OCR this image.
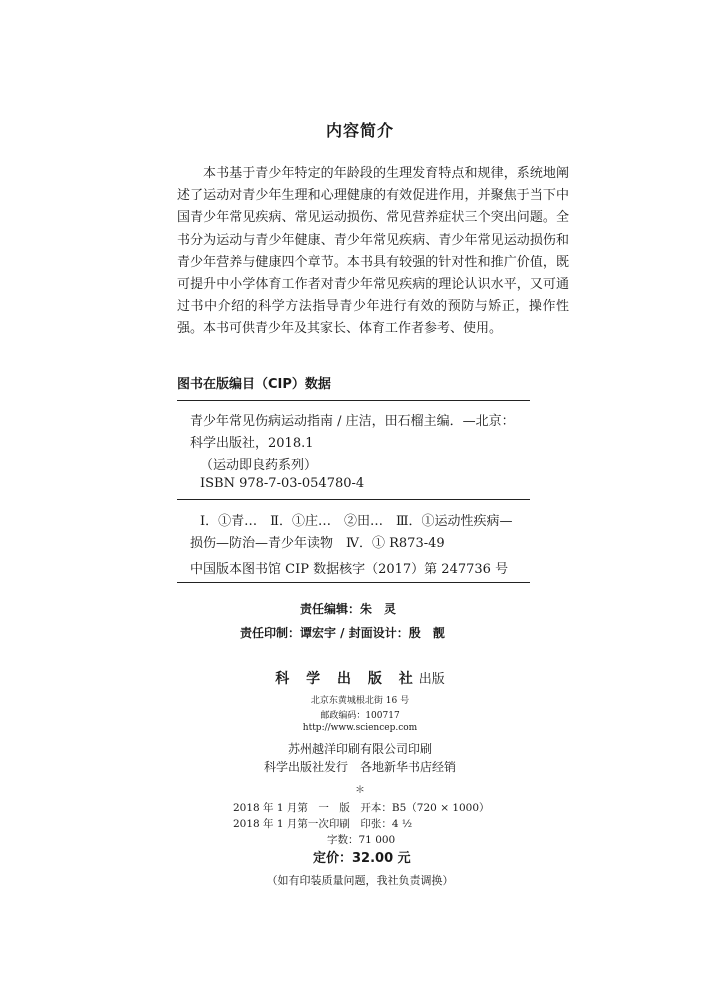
内容简介

本书基于青少年特定的年龄段的生理发育特点和规律，系统地阐述了运动对青少年生理和心理健康的有效促进作用，并聚焦于当下中国青少年常见疾病、常见运动损伤、常见营养症状三个突出问题。全书分为运动与青少年健康、青少年常见疾病、青少年常见运动损伤和青少年营养与健康四个章节。本书具有较强的针对性和推广价值，既可提升中小学体育工作者对青少年常见疾病的理论认识水平，又可通过书中介绍的科学方法指导青少年进行有效的预防与矫正，操作性强。 本书可供青少年及其家长、体育工作者参考、使用。

图书在版编目（CIP）数据
青少年常见伤病运动指南 / 庄洁，田石榴主编．—北京：
科学出版社，2018.1
（运动即良药系列）
ISBN 978-7-03-054780-4
Ⅰ．①青…　Ⅱ．①庄…　②田…　Ⅲ．①运动性疾病—
损伤—防治—青少年读物　Ⅳ．① R873-49
中国版本图书馆 CIP 数据核字（2017）第 247736 号
责任编辑：朱　灵
责任印制：谭宏宇 / 封面设计：殷　靓
科 学 出 版 社出版
北京东黄城根北街 16 号
邮政编码：100717
http://www.sciencep.com
苏州越洋印刷有限公司印刷
科学出版社发行　各地新华书店经销
＊
2018 年 1 月第　一　版　开本：B5（720 × 1000）
2018 年 1 月第一次印刷　印张：4 ½
字数：71 000
定价：32.00 元
（如有印装质量问题，我社负责调换）
